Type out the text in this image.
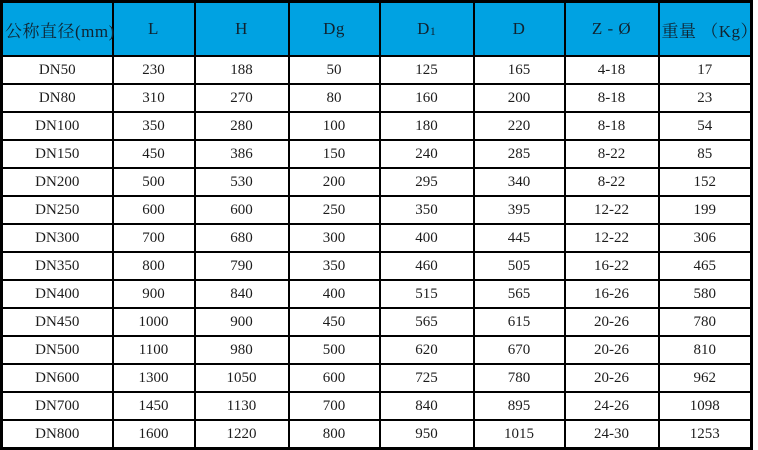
公称直径(mm)	L	H	Dg	D1	D	Z - Ø	重量 （Kg）
DN50	230	188	50	125	165	4-18	17
DN80	310	270	80	160	200	8-18	23
DN100	350	280	100	180	220	8-18	54
DN150	450	386	150	240	285	8-22	85
DN200	500	530	200	295	340	8-22	152
DN250	600	600	250	350	395	12-22	199
DN300	700	680	300	400	445	12-22	306
DN350	800	790	350	460	505	16-22	465
DN400	900	840	400	515	565	16-26	580
DN450	1000	900	450	565	615	20-26	780
DN500	1100	980	500	620	670	20-26	810
DN600	1300	1050	600	725	780	20-26	962
DN700	1450	1130	700	840	895	24-26	1098
DN800	1600	1220	800	950	1015	24-30	1253
